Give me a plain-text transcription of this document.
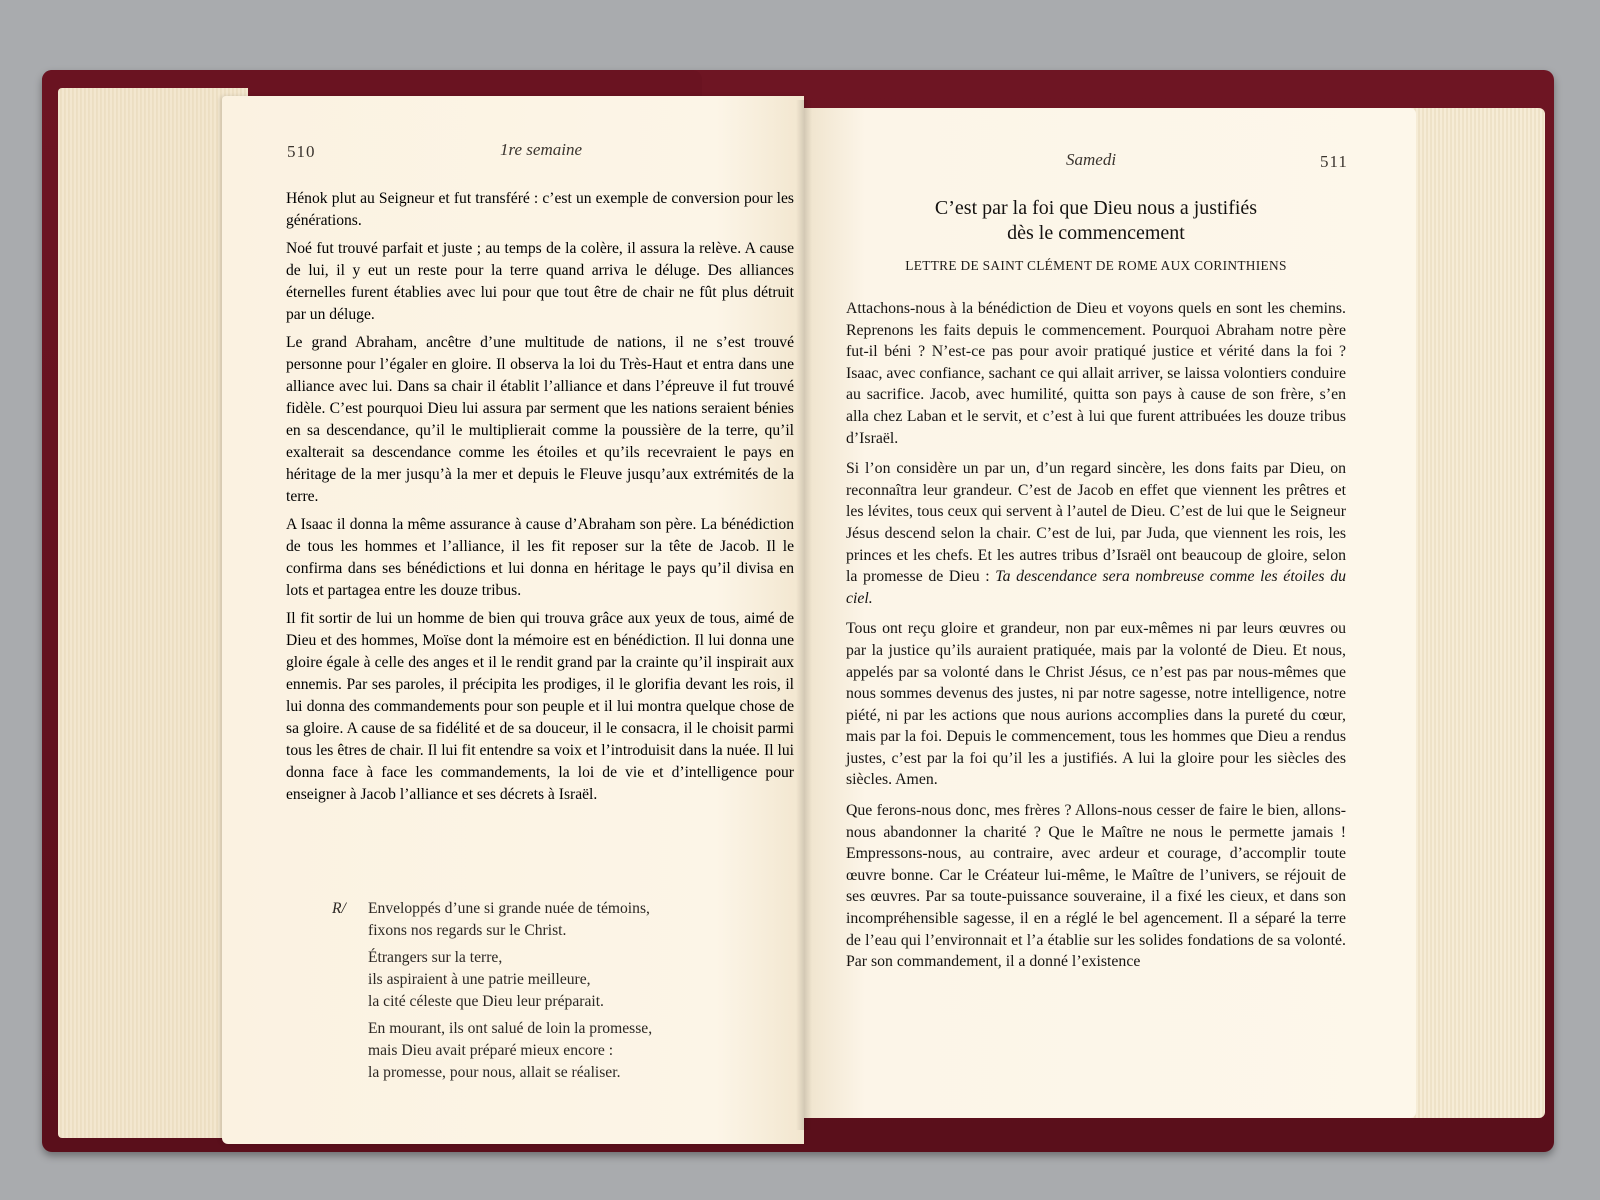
510	1re semaine

Hénok plut au Seigneur et fut transféré : c’est un exemple de conversion pour les générations.

Noé fut trouvé parfait et juste ; au temps de la colère, il assura la relève. A cause de lui, il y eut un reste pour la terre quand arriva le déluge. Des alliances éternelles furent établies avec lui pour que tout être de chair ne fût plus détruit par un déluge.

Le grand Abraham, ancêtre d’une multitude de nations, il ne s’est trouvé personne pour l’égaler en gloire. Il observa la loi du Très-Haut et entra dans une alliance avec lui. Dans sa chair il établit l’alliance et dans l’épreuve il fut trouvé fidèle. C’est pourquoi Dieu lui assura par serment que les nations seraient bénies en sa descendance, qu’il le multiplierait comme la poussière de la terre, qu’il exalterait sa descendance comme les étoiles et qu’ils recevraient le pays en héritage de la mer jusqu’à la mer et depuis le Fleuve jusqu’aux extrémités de la terre.

A Isaac il donna la même assurance à cause d’Abraham son père. La bénédiction de tous les hommes et l’alliance, il les fit reposer sur la tête de Jacob. Il le confirma dans ses bénédictions et lui donna en héritage le pays qu’il divisa en lots et partagea entre les douze tribus.

Il fit sortir de lui un homme de bien qui trouva grâce aux yeux de tous, aimé de Dieu et des hommes, Moïse dont la mémoire est en bénédiction. Il lui donna une gloire égale à celle des anges et il le rendit grand par la crainte qu’il inspirait aux ennemis. Par ses paroles, il précipita les prodiges, il le glorifia devant les rois, il lui donna des commandements pour son peuple et il lui montra quelque chose de sa gloire. A cause de sa fidélité et de sa douceur, il le consacra, il le choisit parmi tous les êtres de chair. Il lui fit entendre sa voix et l’introduisit dans la nuée. Il lui donna face à face les commandements, la loi de vie et d’intelligence pour enseigner à Jacob l’alliance et ses décrets à Israël.

R/ Enveloppés d’une si grande nuée de témoins,
fixons nos regards sur le Christ.
Étrangers sur la terre,
ils aspiraient à une patrie meilleure,
la cité céleste que Dieu leur préparait.
En mourant, ils ont salué de loin la promesse,
mais Dieu avait préparé mieux encore :
la promesse, pour nous, allait se réaliser.
Samedi	511
C’est par la foi que Dieu nous a justifiés
dès le commencement
LETTRE DE SAINT CLÉMENT DE ROME AUX CORINTHIENS

Attachons-nous à la bénédiction de Dieu et voyons quels en sont les chemins. Reprenons les faits depuis le commencement. Pourquoi Abraham notre père fut-il béni ? N’est-ce pas pour avoir pratiqué justice et vérité dans la foi ? Isaac, avec confiance, sachant ce qui allait arriver, se laissa volontiers conduire au sacrifice. Jacob, avec humilité, quitta son pays à cause de son frère, s’en alla chez Laban et le servit, et c’est à lui que furent attribuées les douze tribus d’Israël.

Si l’on considère un par un, d’un regard sincère, les dons faits par Dieu, on reconnaîtra leur grandeur. C’est de Jacob en effet que viennent les prêtres et les lévites, tous ceux qui servent à l’autel de Dieu. C’est de lui que le Seigneur Jésus descend selon la chair. C’est de lui, par Juda, que viennent les rois, les princes et les chefs. Et les autres tribus d’Israël ont beaucoup de gloire, selon la promesse de Dieu : Ta descendance sera nombreuse comme les étoiles du ciel.

Tous ont reçu gloire et grandeur, non par eux-mêmes ni par leurs œuvres ou par la justice qu’ils auraient pratiquée, mais par la volonté de Dieu. Et nous, appelés par sa volonté dans le Christ Jésus, ce n’est pas par nous-mêmes que nous sommes devenus des justes, ni par notre sagesse, notre intelligence, notre piété, ni par les actions que nous aurions accomplies dans la pureté du cœur, mais par la foi. Depuis le commencement, tous les hommes que Dieu a rendus justes, c’est par la foi qu’il les a justifiés. A lui la gloire pour les siècles des siècles. Amen.

Que ferons-nous donc, mes frères ? Allons-nous cesser de faire le bien, allons-nous abandonner la charité ? Que le Maître ne nous le permette jamais ! Empressons-nous, au contraire, avec ardeur et courage, d’accomplir toute œuvre bonne. Car le Créateur lui-même, le Maître de l’univers, se réjouit de ses œuvres. Par sa toute-puissance souveraine, il a fixé les cieux, et dans son incompréhensible sagesse, il en a réglé le bel agencement. Il a séparé la terre de l’eau qui l’environnait et l’a établie sur les solides fondations de sa volonté. Par son commandement, il a donné l’existence
